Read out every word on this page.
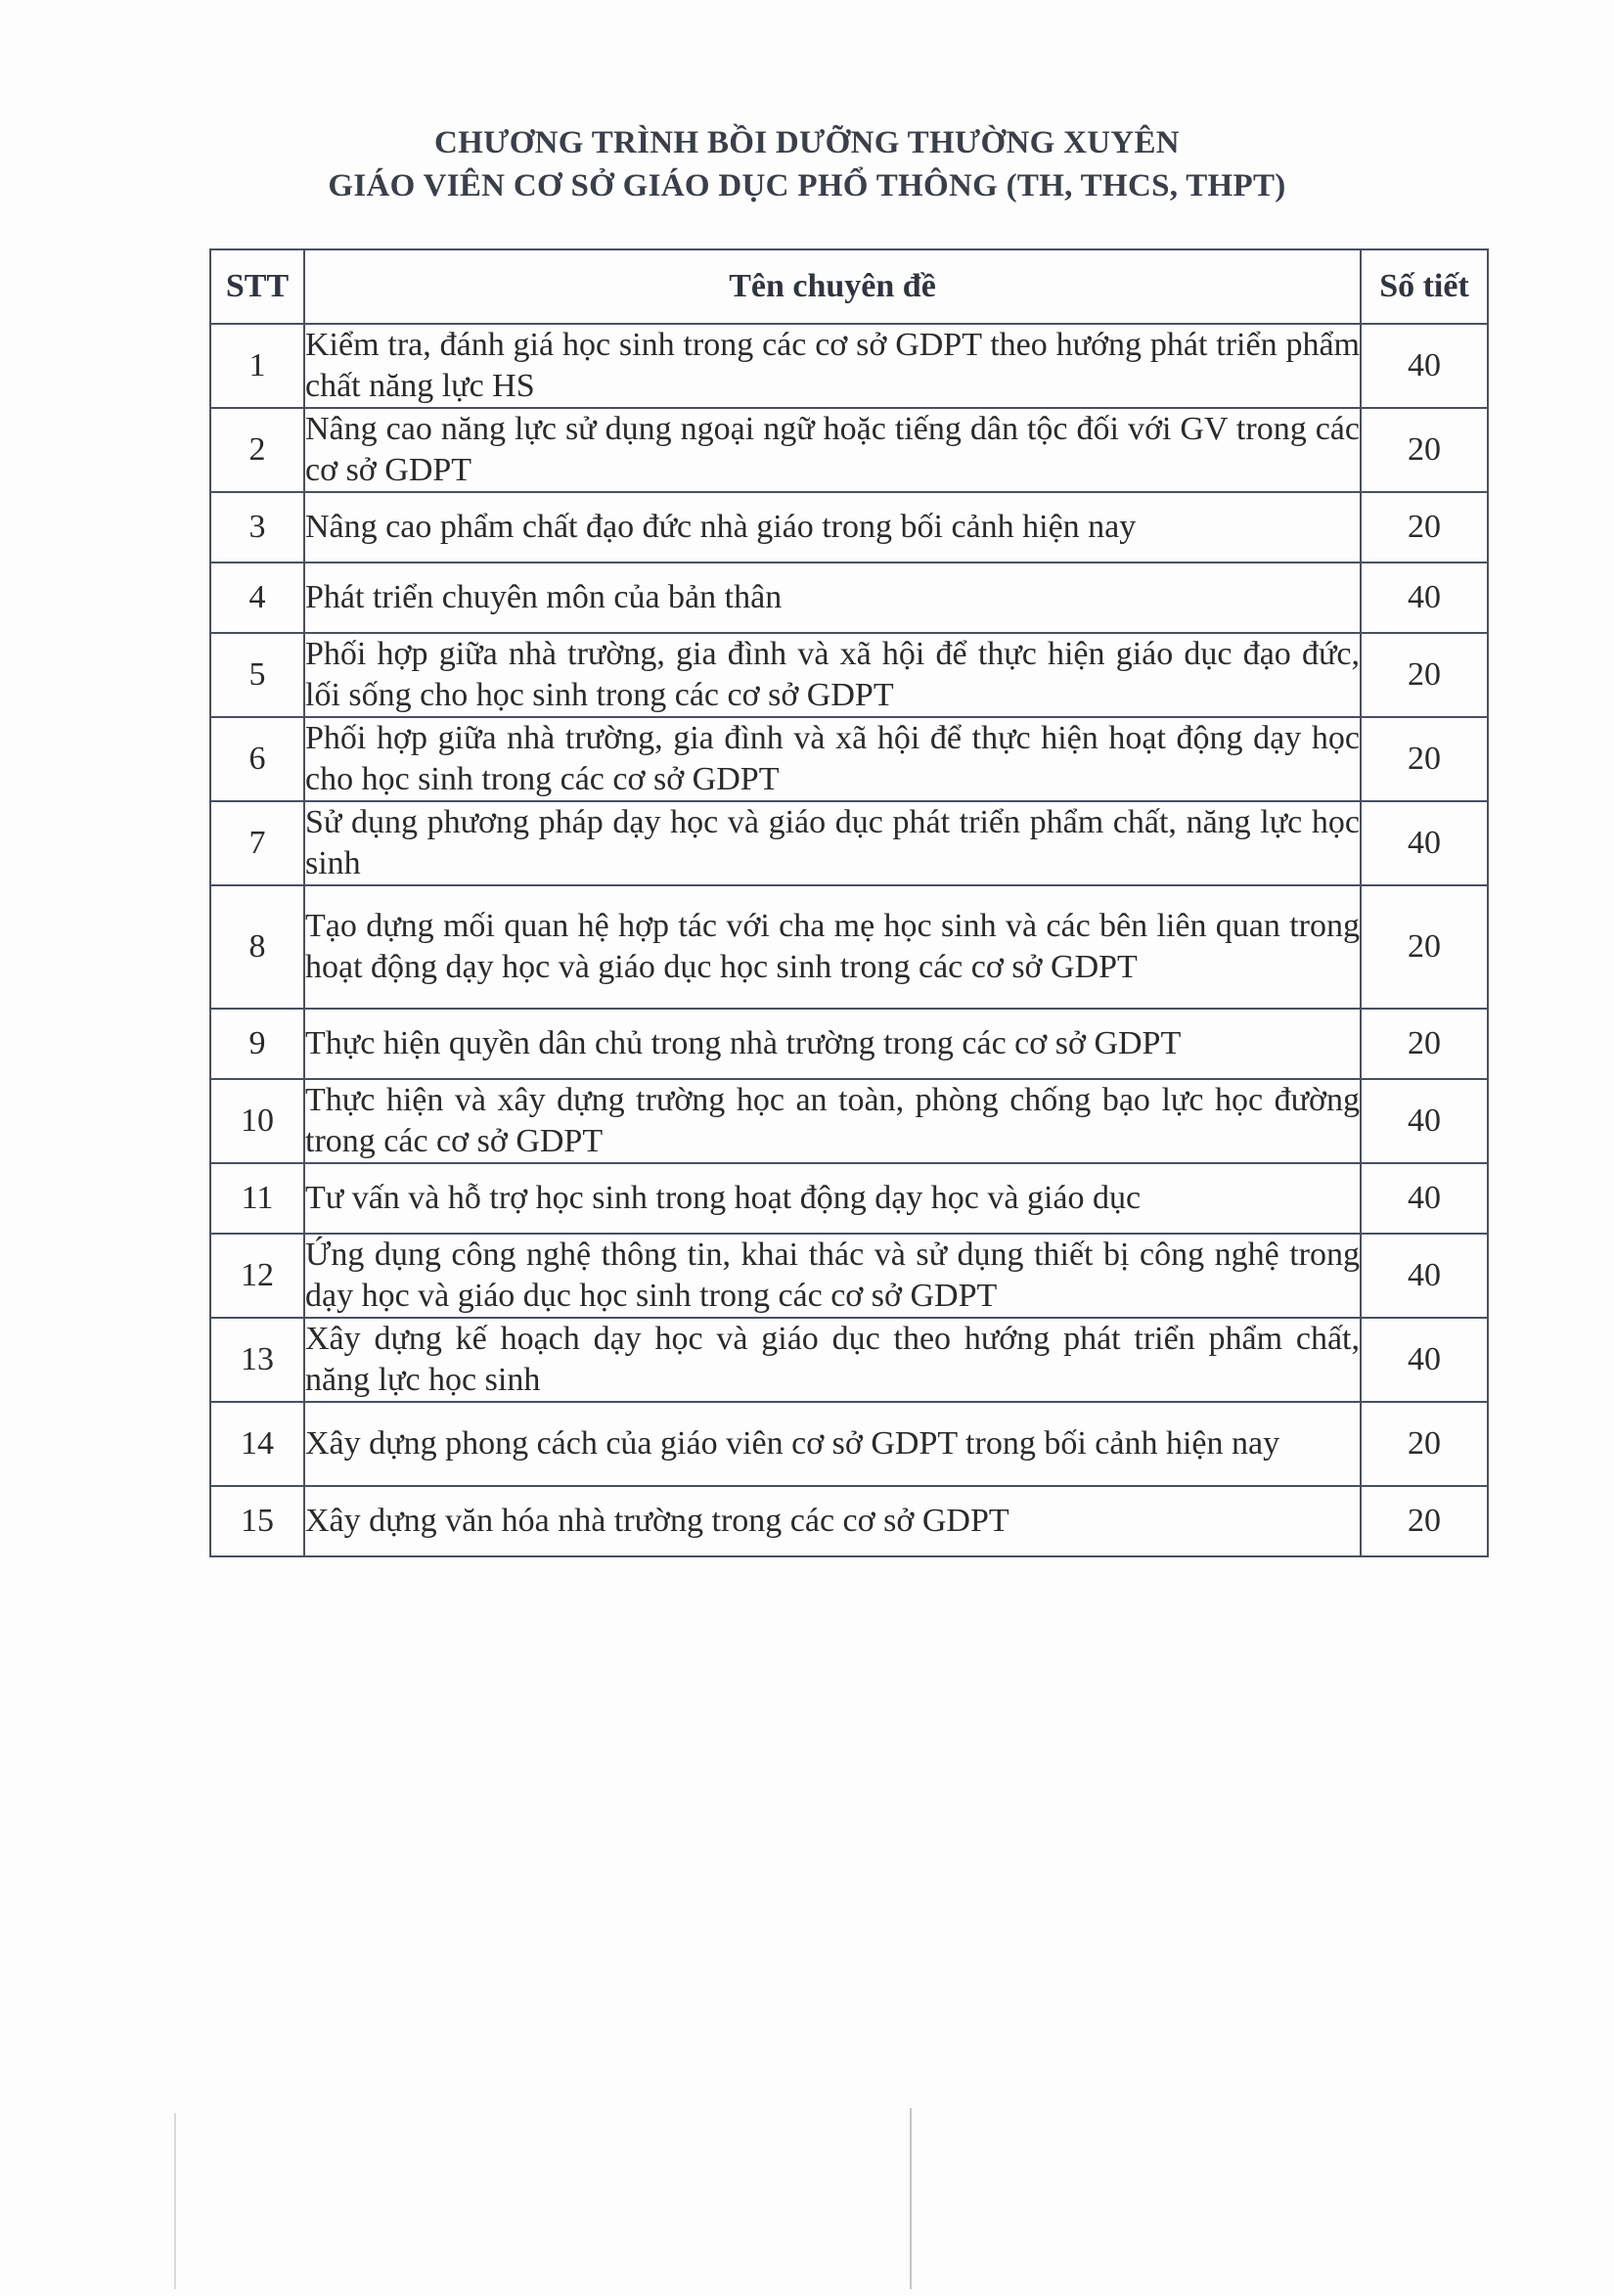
CHƯƠNG TRÌNH BỒI DƯỠNG THƯỜNG XUYÊN
GIÁO VIÊN CƠ SỞ GIÁO DỤC PHỔ THÔNG (TH, THCS, THPT)
STT	Tên chuyên đề	Số tiết
1	Kiểm tra, đánh giá học sinh trong các cơ sở GDPT theo hướng phát triển phẩm chất năng lực HS	40
2	Nâng cao năng lực sử dụng ngoại ngữ hoặc tiếng dân tộc đối với GV trong các cơ sở GDPT	20
3	Nâng cao phẩm chất đạo đức nhà giáo trong bối cảnh hiện nay	20
4	Phát triển chuyên môn của bản thân	40
5	Phối hợp giữa nhà trường, gia đình và xã hội để thực hiện giáo dục đạo đức, lối sống cho học sinh trong các cơ sở GDPT	20
6	Phối hợp giữa nhà trường, gia đình và xã hội để thực hiện hoạt động dạy học cho học sinh trong các cơ sở GDPT	20
7	Sử dụng phương pháp dạy học và giáo dục phát triển phẩm chất, năng lực học sinh	40
8	Tạo dựng mối quan hệ hợp tác với cha mẹ học sinh và các bên liên quan trong hoạt động dạy học và giáo dục học sinh trong các cơ sở GDPT	20
9	Thực hiện quyền dân chủ trong nhà trường trong các cơ sở GDPT	20
10	Thực hiện và xây dựng trường học an toàn, phòng chống bạo lực học đường trong các cơ sở GDPT	40
11	Tư vấn và hỗ trợ học sinh trong hoạt động dạy học và giáo dục	40
12	Ứng dụng công nghệ thông tin, khai thác và sử dụng thiết bị công nghệ trong dạy học và giáo dục học sinh trong các cơ sở GDPT	40
13	Xây dựng kế hoạch dạy học và giáo dục theo hướng phát triển phẩm chất, năng lực học sinh	40
14	Xây dựng phong cách của giáo viên cơ sở GDPT trong bối cảnh hiện nay	20
15	Xây dựng văn hóa nhà trường trong các cơ sở GDPT	20
